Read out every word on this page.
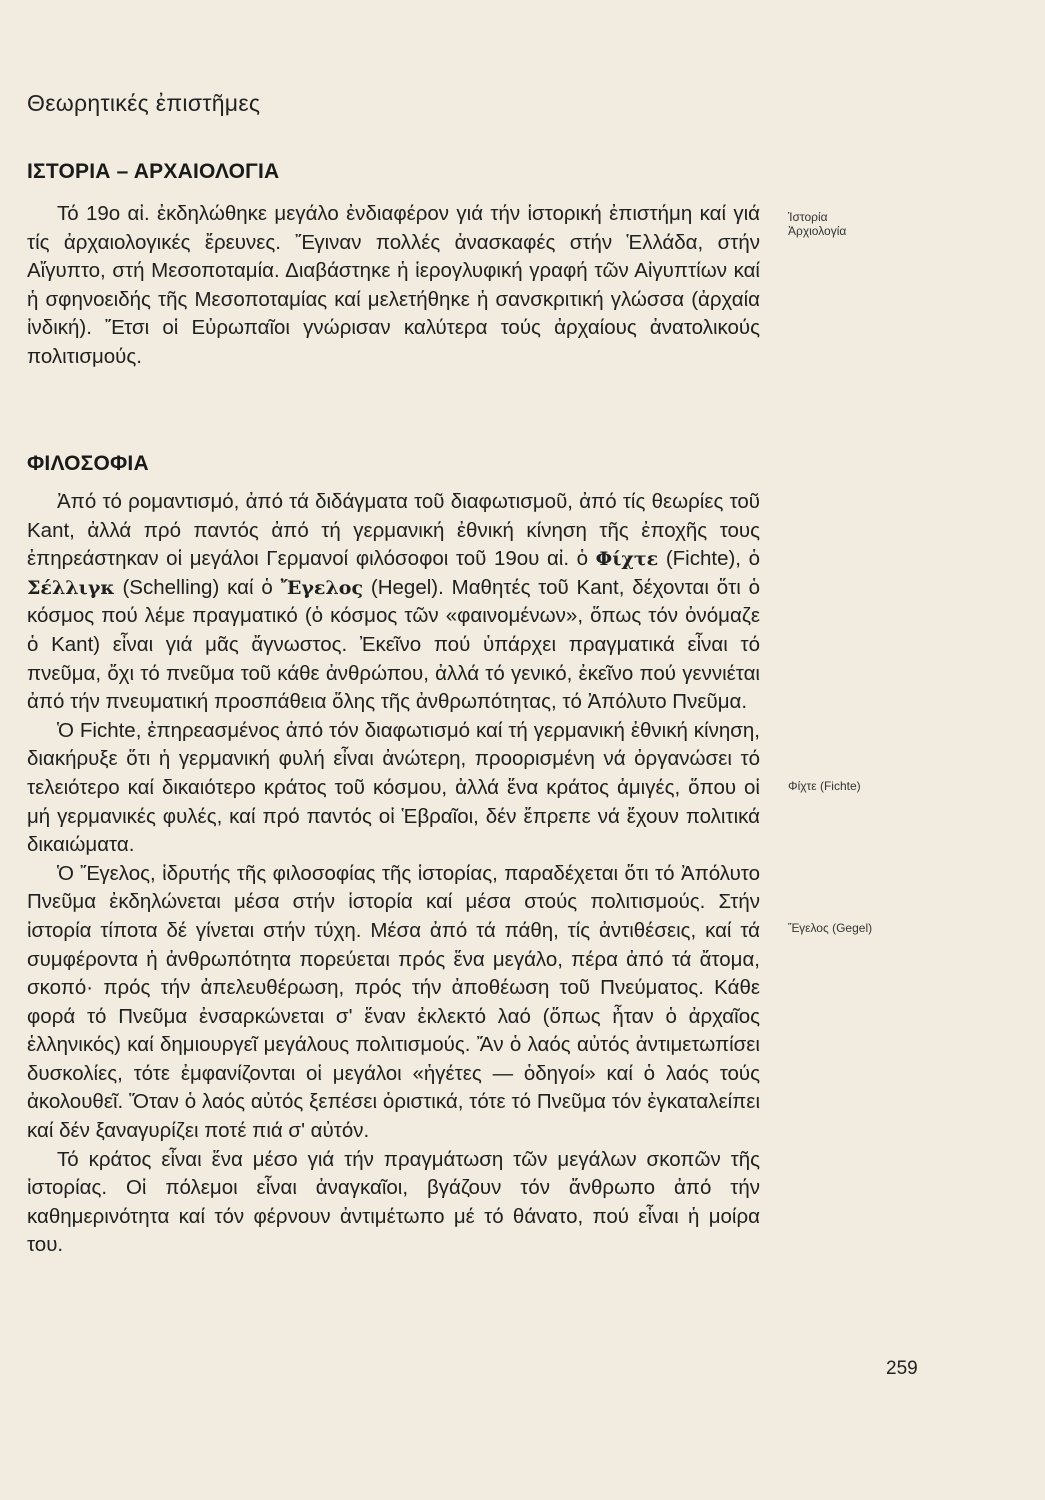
Θεωρητικές ἐπιστῆμες
ΙΣΤΟΡΙΑ – ΑΡΧΑΙΟΛΟΓΙΑ

Τό 19ο αἰ. ἐκδηλώθηκε μεγάλο ἐνδιαφέρον γιά τήν ἱστορική ἐπιστήμη καί γιά τίς ἀρχαιολογικές ἔρευνες. Ἔγιναν πολλές ἀνασκαφές στήν Ἑλλάδα, στήν Αἴγυπτο, στή Μεσοποταμία. Διαβάστηκε ἡ ἱερογλυφική γραφή τῶν Αἰγυπτίων καί ἡ σφηνοειδής τῆς Μεσοποταμίας καί μελετήθηκε ἡ σανσκριτική γλώσσα (ἀρχαία ἰνδική). Ἔτσι οἱ Εὐρωπαῖοι γνώρισαν καλύτερα τούς ἀρχαίους ἀνατολικούς πολιτισμούς.

Ἱστορία
Ἀρχιολογία
ΦΙΛΟΣΟΦΙΑ

Ἀπό τό ρομαντισμό, ἀπό τά διδάγματα τοῦ διαφωτισμοῦ, ἀπό τίς θεωρίες τοῦ Kant, ἀλλά πρό παντός ἀπό τή γερμανική ἐθνική κίνηση τῆς ἐποχῆς τους ἐπηρεάστηκαν οἱ μεγάλοι Γερμανοί φιλόσοφοι τοῦ 19ου αἰ. ὁ Φίχτε (Fichte), ὁ Σέλλιγκ (Schelling) καί ὁ Ἔγελος (Hegel). Μαθητές τοῦ Kant, δέχονται ὅτι ὁ κόσμος πού λέμε πραγματικό (ὁ κόσμος τῶν «φαινομένων», ὅπως τόν ὀνόμαζε ὁ Kant) εἶναι γιά μᾶς ἄγνωστος. Ἐκεῖνο πού ὑπάρχει πραγματικά εἶναι τό πνεῦμα, ὄχι τό πνεῦμα τοῦ κάθε ἀνθρώπου, ἀλλά τό γενικό, ἐκεῖνο πού γεννιέται ἀπό τήν πνευματική προσπάθεια ὅλης τῆς ἀνθρωπότητας, τό Ἀπόλυτο Πνεῦμα.

Ὁ Fichte, ἐπηρεασμένος ἀπό τόν διαφωτισμό καί τή γερμανική ἐθνική κίνηση, διακήρυξε ὅτι ἡ γερμανική φυλή εἶναι ἀνώτερη, προορισμένη νά ὀργανώσει τό τελειότερο καί δικαιότερο κράτος τοῦ κόσμου, ἀλλά ἕνα κράτος ἀμιγές, ὅπου οἱ μή γερμανικές φυλές, καί πρό παντός οἱ Ἑβραῖοι, δέν ἔπρεπε νά ἔχουν πολιτικά δικαιώματα.

Ὁ Ἔγελος, ἱδρυτής τῆς φιλοσοφίας τῆς ἱστορίας, παραδέχεται ὅτι τό Ἀπόλυτο Πνεῦμα ἐκδηλώνεται μέσα στήν ἱστορία καί μέσα στούς πολιτισμούς. Στήν ἱστορία τίποτα δέ γίνεται στήν τύχη. Μέσα ἀπό τά πάθη, τίς ἀντιθέσεις, καί τά συμφέροντα ἡ ἀνθρωπότητα πορεύεται πρός ἕνα μεγάλο, πέρα ἀπό τά ἄτομα, σκοπό· πρός τήν ἀπελευθέρωση, πρός τήν ἀποθέωση τοῦ Πνεύματος. Κάθε φορά τό Πνεῦμα ἐνσαρκώνεται σ' ἕναν ἐκλεκτό λαό (ὅπως ἦταν ὁ ἀρχαῖος ἑλληνικός) καί δημιουργεῖ μεγάλους πολιτισμούς. Ἄν ὁ λαός αὐτός ἀντιμετωπίσει δυσκολίες, τότε ἐμφανίζονται οἱ μεγάλοι «ἡγέτες — ὁδηγοί» καί ὁ λαός τούς ἀκολουθεῖ. Ὅταν ὁ λαός αὐτός ξεπέσει ὁριστικά, τότε τό Πνεῦμα τόν ἐγκαταλείπει καί δέν ξαναγυρίζει ποτέ πιά σ' αὐτόν.

Τό κράτος εἶναι ἕνα μέσο γιά τήν πραγμάτωση τῶν μεγάλων σκοπῶν τῆς ἱστορίας. Οἱ πόλεμοι εἶναι ἀναγκαῖοι, βγάζουν τόν ἄνθρωπο ἀπό τήν καθημερινότητα καί τόν φέρνουν ἀντιμέτωπο μέ τό θάνατο, πού εἶναι ἡ μοίρα του.

Φίχτε (Fichte)
Ἔγελος (Gegel)
259
